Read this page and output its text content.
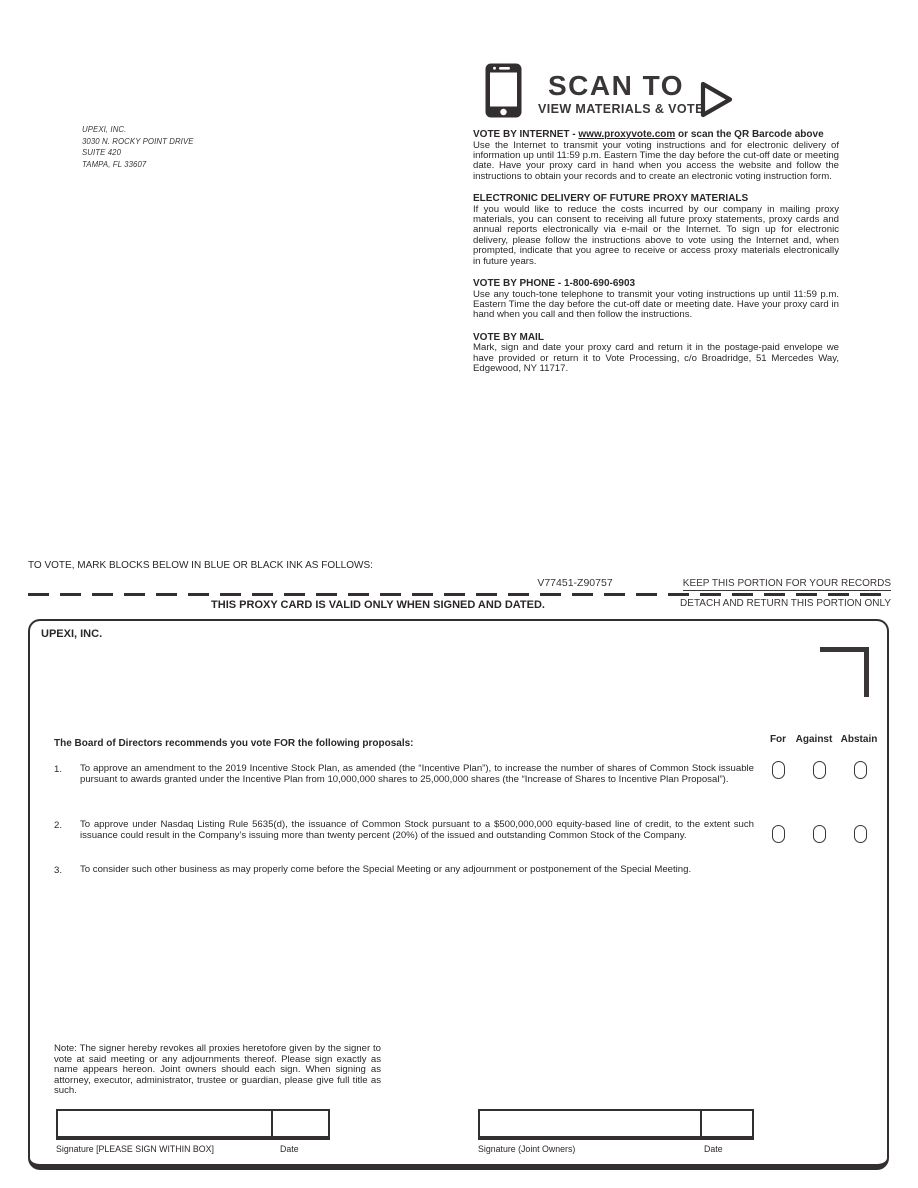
UPEXI, INC.
3030 N. ROCKY POINT DRIVE
SUITE 420
TAMPA, FL 33607
SCAN TO
VIEW MATERIALS & VOTE
VOTE BY INTERNET - www.proxyvote.com or scan the QR Barcode above

Use the Internet to transmit your voting instructions and for electronic delivery of information up until 11:59 p.m. Eastern Time the day before the cut-off date or meeting date. Have your proxy card in hand when you access the website and follow the instructions to obtain your records and to create an electronic voting instruction form.

ELECTRONIC DELIVERY OF FUTURE PROXY MATERIALS

If you would like to reduce the costs incurred by our company in mailing proxy materials, you can consent to receiving all future proxy statements, proxy cards and annual reports electronically via e-mail or the Internet. To sign up for electronic delivery, please follow the instructions above to vote using the Internet and, when prompted, indicate that you agree to receive or access proxy materials electronically in future years.

VOTE BY PHONE - 1-800-690-6903

Use any touch-tone telephone to transmit your voting instructions up until 11:59 p.m. Eastern Time the day before the cut-off date or meeting date. Have your proxy card in hand when you call and then follow the instructions.

VOTE BY MAIL

Mark, sign and date your proxy card and return it in the postage-paid envelope we have provided or return it to Vote Processing, c/o Broadridge, 51 Mercedes Way, Edgewood, NY 11717.

TO VOTE, MARK BLOCKS BELOW IN BLUE OR BLACK INK AS FOLLOWS:
V77451-Z90757	KEEP THIS PORTION FOR YOUR RECORDS
THIS PROXY CARD IS VALID ONLY WHEN SIGNED AND DATED.	DETACH AND RETURN THIS PORTION ONLY
UPEXI, INC.
The Board of Directors recommends you vote FOR the following proposals:	For Against Abstain
1.	To approve an amendment to the 2019 Incentive Stock Plan, as amended (the “Incentive Plan”), to increase the number of shares of Common Stock issuable pursuant to awards granted under the Incentive Plan from 10,000,000 shares to 25,000,000 shares (the “Increase of Shares to Incentive Plan Proposal”).
2.	To approve under Nasdaq Listing Rule 5635(d), the issuance of Common Stock pursuant to a $500,000,000 equity-based line of credit, to the extent such issuance could result in the Company’s issuing more than twenty percent (20%) of the issued and outstanding Common Stock of the Company.
3.	To consider such other business as may properly come before the Special Meeting or any adjournment or postponement of the Special Meeting.
Note: The signer hereby revokes all proxies heretofore given by the signer to vote at said meeting or any adjournments thereof. Please sign exactly as name appears hereon. Joint owners should each sign. When signing as attorney, executor, administrator, trustee or guardian, please give full title as such.
Signature [PLEASE SIGN WITHIN BOX]	Date	Signature (Joint Owners)	Date
